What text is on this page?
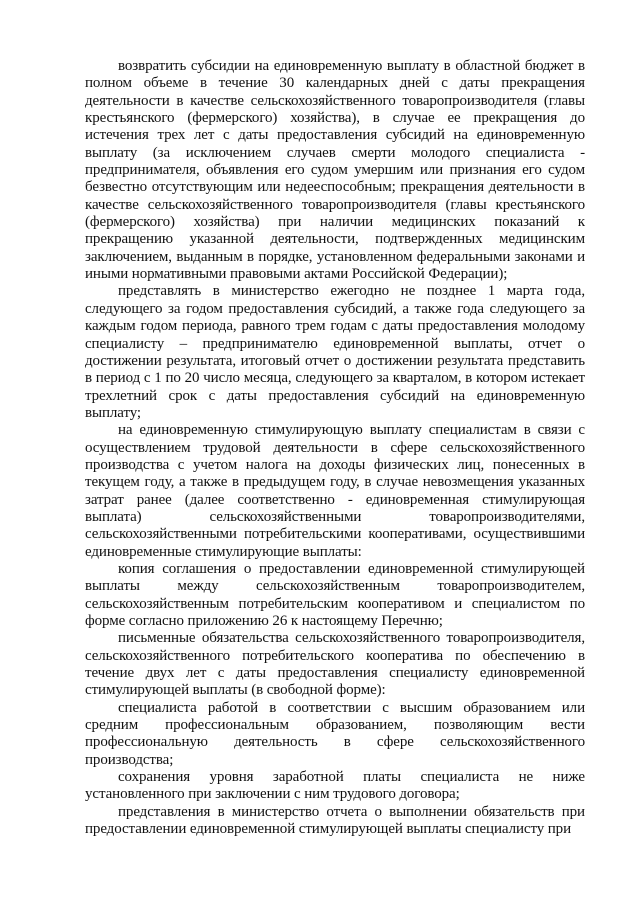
возвратить субсидии на единовременную выплату в областной бюджет в полном объеме в течение 30 календарных дней с даты прекращения деятельности в качестве сельскохозяйственного товаропроизводителя (главы крестьянского (фермерского) хозяйства), в случае ее прекращения до истечения трех лет с даты предоставления субсидий на единовременную выплату (за исключением случаев смерти молодого специалиста - предпринимателя, объявления его судом умершим или признания его судом безвестно отсутствующим или недееспособным; прекращения деятельности в качестве сельскохозяйственного товаропроизводителя (главы крестьянского (фермерского) хозяйства) при наличии медицинских показаний к прекращению указанной деятельности, подтвержденных медицинским заключением, выданным в порядке, установленном федеральными законами и иными нормативными правовыми актами Российской Федерации);

представлять в министерство ежегодно не позднее 1 марта года, следующего за годом предоставления субсидий, а также года следующего за каждым годом периода, равного трем годам с даты предоставления молодому специалисту – предпринимателю единовременной выплаты, отчет о достижении результата, итоговый отчет о достижении результата представить в период с 1 по 20 число месяца, следующего за кварталом, в котором истекает трехлетний срок с даты предоставления субсидий на единовременную выплату;

на единовременную стимулирующую выплату специалистам в связи с осуществлением трудовой деятельности в сфере сельскохозяйственного производства с учетом налога на доходы физических лиц, понесенных в текущем году, а также в предыдущем году, в случае невозмещения указанных затрат ранее (далее соответственно - единовременная стимулирующая выплата) сельскохозяйственными товаропроизводителями, сельскохозяйственными потребительскими кооперативами, осуществившими единовременные стимулирующие выплаты:

копия соглашения о предоставлении единовременной стимулирующей выплаты между сельскохозяйственным товаропроизводителем, сельскохозяйственным потребительским кооперативом и специалистом по форме согласно приложению 26 к настоящему Перечню;

письменные обязательства сельскохозяйственного товаропроизводителя, сельскохозяйственного потребительского кооператива по обеспечению в течение двух лет с даты предоставления специалисту единовременной стимулирующей выплаты (в свободной форме):

специалиста работой в соответствии с высшим образованием или средним профессиональным образованием, позволяющим вести профессиональную деятельность в сфере сельскохозяйственного производства;

сохранения уровня заработной платы специалиста не ниже установленного при заключении с ним трудового договора;

представления в министерство отчета о выполнении обязательств при предоставлении единовременной стимулирующей выплаты специалисту при
